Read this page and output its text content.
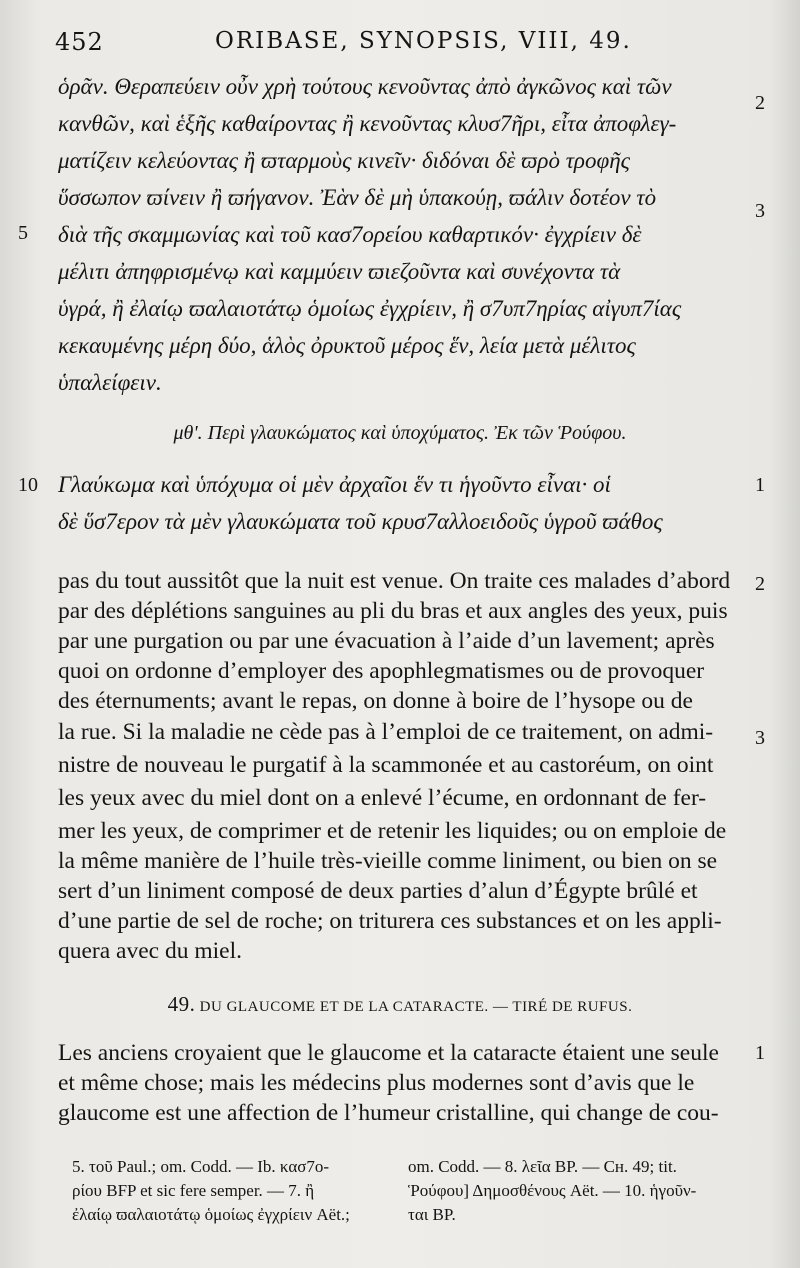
452	ORIBASE, SYNOPSIS, VIII, 49.
ὁρᾶν. Θεραπεύειν οὖν χρὴ τούτους κενοῦντας ἀπὸ ἀγκῶνος καὶ τῶν
κανθῶν, καὶ ἑξῆς καθαίροντας ἢ κενοῦντας κλυσ7ῆρι, εἶτα ἀποφλεγ-
ματίζειν κελεύοντας ἢ ϖταρμοὺς κινεῖν· διδόναι δὲ ϖρὸ τροφῆς
ὕσσωπον ϖίνειν ἢ ϖήγανον. Ἐὰν δὲ μὴ ὑπακούῃ, ϖάλιν δοτέον τὸ
διὰ τῆς σκαμμωνίας καὶ τοῦ κασ7ορείου καθαρτικόν· ἐγχρίειν δὲ
μέλιτι ἀπηφρισμένῳ καὶ καμμύειν ϖιεζοῦντα καὶ συνέχοντα τὰ
ὑγρά, ἢ ἐλαίῳ ϖαλαιοτάτῳ ὁμοίως ἐγχρίειν, ἢ σ7υπ7ηρίας αἰγυπ7ίας
κεκαυμένης μέρη δύο, ἁλὸς ὀρυκτοῦ μέρος ἕν, λεία μετὰ μέλιτος
ὑπαλείφειν.
5
2
3
μθ'. Περὶ γλαυκώματος καὶ ὑποχύματος. Ἐκ τῶν Ῥούφου.
Γλαύκωμα καὶ ὑπόχυμα οἱ μὲν ἀρχαῖοι ἕν τι ἡγοῦντο εἶναι· οἱ
δὲ ὕσ7ερον τὰ μὲν γλαυκώματα τοῦ κρυσ7αλλοειδοῦς ὑγροῦ ϖάθος
10	1
pas du tout aussitôt que la nuit est venue. On traite ces malades d’abord
par des déplétions sanguines au pli du bras et aux angles des yeux, puis
par une purgation ou par une évacuation à l’aide d’un lavement; après
quoi on ordonne d’employer des apophlegmatismes ou de provoquer
des éternuments; avant le repas, on donne à boire de l’hysope ou de
la rue. Si la maladie ne cède pas à l’emploi de ce traitement, on admi-
nistre de nouveau le purgatif à la scammonée et au castoréum, on oint
les yeux avec du miel dont on a enlevé l’écume, en ordonnant de fer-
mer les yeux, de comprimer et de retenir les liquides; ou on emploie de
la même manière de l’huile très-vieille comme liniment, ou bien on se
sert d’un liniment composé de deux parties d’alun d’Égypte brûlé et
d’une partie de sel de roche; on triturera ces substances et on les appli-
quera avec du miel.
2
3
49. DU GLAUCOME ET DE LA CATARACTE. — TIRÉ DE RUFUS.
Les anciens croyaient que le glaucome et la cataracte étaient une seule
et même chose; mais les médecins plus modernes sont d’avis que le
glaucome est une affection de l’humeur cristalline, qui change de cou-
1
5. τοῦ Paul.; om. Codd. — Ib. κασ7ο-
ρίου BFP et sic fere semper. — 7. ἢ
ἐλαίῳ ϖαλαιοτάτῳ ὁμοίως ἐγχρίειν Aët.;
om. Codd. — 8. λεῖα BP. — Cʜ. 49; tit.
Ῥούφου] Δημοσθένους Aët. — 10. ἡγοῦν-
ται BP.
